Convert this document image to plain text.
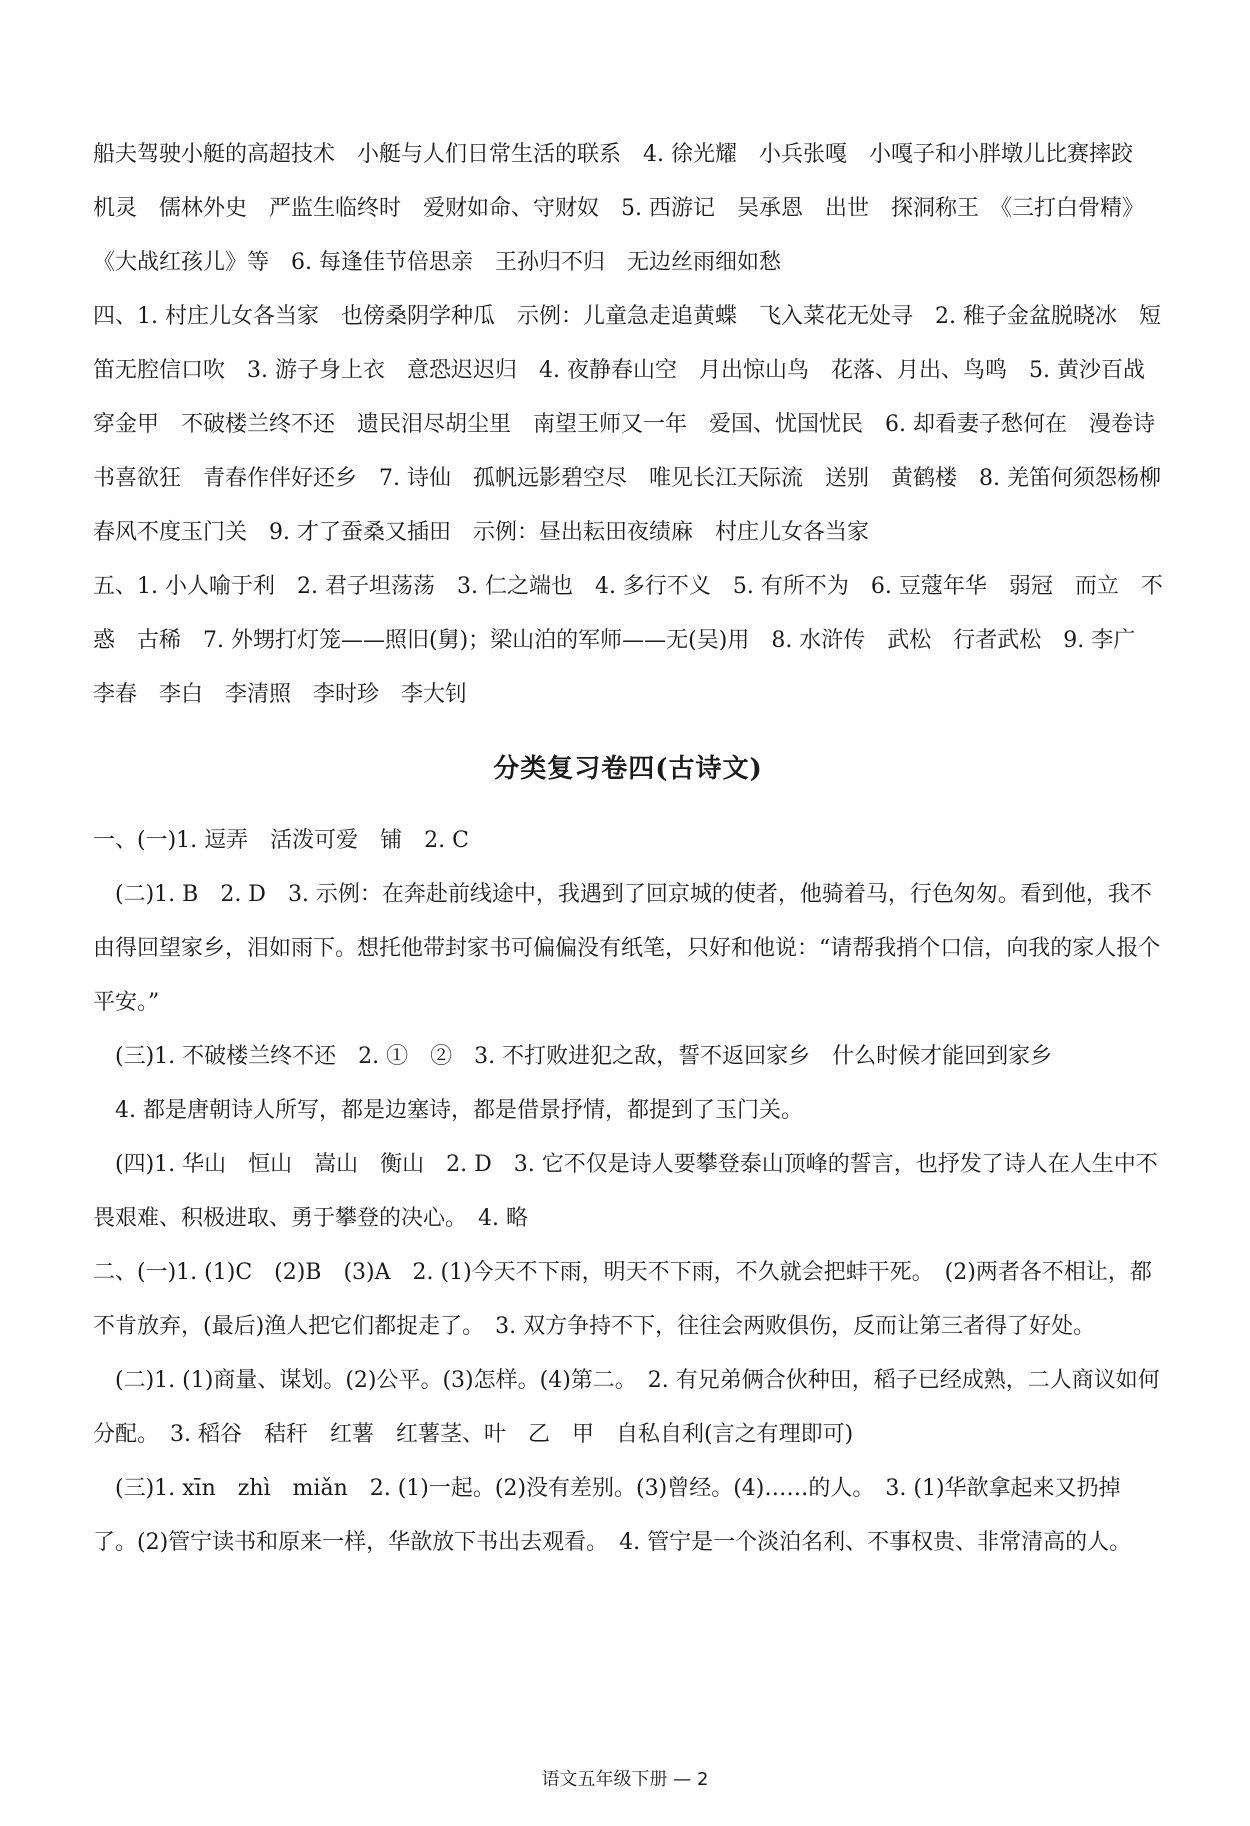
船夫驾驶小艇的高超技术　小艇与人们日常生活的联系　4. 徐光耀　小兵张嘎　小嘎子和小胖墩儿比赛摔跤　机灵　儒林外史　严监生临终时　爱财如命、守财奴　5. 西游记　吴承恩　出世　探洞称王　《三打白骨精》《大战红孩儿》等　6. 每逢佳节倍思亲　王孙归不归　无边丝雨细如愁

四、1. 村庄儿女各当家　也傍桑阴学种瓜　示例：儿童急走追黄蝶　飞入菜花无处寻　2. 稚子金盆脱晓冰　短笛无腔信口吹　3. 游子身上衣　意恐迟迟归　4. 夜静春山空　月出惊山鸟　花落、月出、鸟鸣　5. 黄沙百战穿金甲　不破楼兰终不还　遗民泪尽胡尘里　南望王师又一年　爱国、忧国忧民　6. 却看妻子愁何在　漫卷诗书喜欲狂　青春作伴好还乡　7. 诗仙　孤帆远影碧空尽　唯见长江天际流　送别　黄鹤楼　8. 羌笛何须怨杨柳　春风不度玉门关　9. 才了蚕桑又插田　示例：昼出耘田夜绩麻　村庄儿女各当家

五、1. 小人喻于利　2. 君子坦荡荡　3. 仁之端也　4. 多行不义　5. 有所不为　6. 豆蔻年华　弱冠　而立　不惑　古稀　7. 外甥打灯笼——照旧(舅)；梁山泊的军师——无(吴)用　8. 水浒传　武松　行者武松　9. 李广　李春　李白　李清照　李时珍　李大钊

分类复习卷四(古诗文)

一、(一)1. 逗弄　活泼可爱　铺　2. C

　(二)1. B　2. D　3. 示例：在奔赴前线途中，我遇到了回京城的使者，他骑着马，行色匆匆。看到他，我不由得回望家乡，泪如雨下。想托他带封家书可偏偏没有纸笔，只好和他说：“请帮我捎个口信，向我的家人报个平安。”

　(三)1. 不破楼兰终不还　2. ①　②　3. 不打败进犯之敌，誓不返回家乡　什么时候才能回到家乡

　4. 都是唐朝诗人所写，都是边塞诗，都是借景抒情，都提到了玉门关。

　(四)1. 华山　恒山　嵩山　衡山　2. D　3. 它不仅是诗人要攀登泰山顶峰的誓言，也抒发了诗人在人生中不畏艰难、积极进取、勇于攀登的决心。　4. 略

二、(一)1. (1)C　(2)B　(3)A　2. (1)今天不下雨，明天不下雨，不久就会把蚌干死。　(2)两者各不相让，都不肯放弃，(最后)渔人把它们都捉走了。　3. 双方争持不下，往往会两败俱伤，反而让第三者得了好处。

　(二)1. (1)商量、谋划。(2)公平。(3)怎样。(4)第二。　2. 有兄弟俩合伙种田，稻子已经成熟，二人商议如何分配。　3. 稻谷　秸秆　红薯　红薯茎、叶　乙　甲　自私自利(言之有理即可)

　(三)1. xīn　zhì　miǎn　2. (1)一起。(2)没有差别。(3)曾经。(4)……的人。　3. (1)华歆拿起来又扔掉了。(2)管宁读书和原来一样，华歆放下书出去观看。　4. 管宁是一个淡泊名利、不事权贵、非常清高的人。

语文五年级下册 — 2
